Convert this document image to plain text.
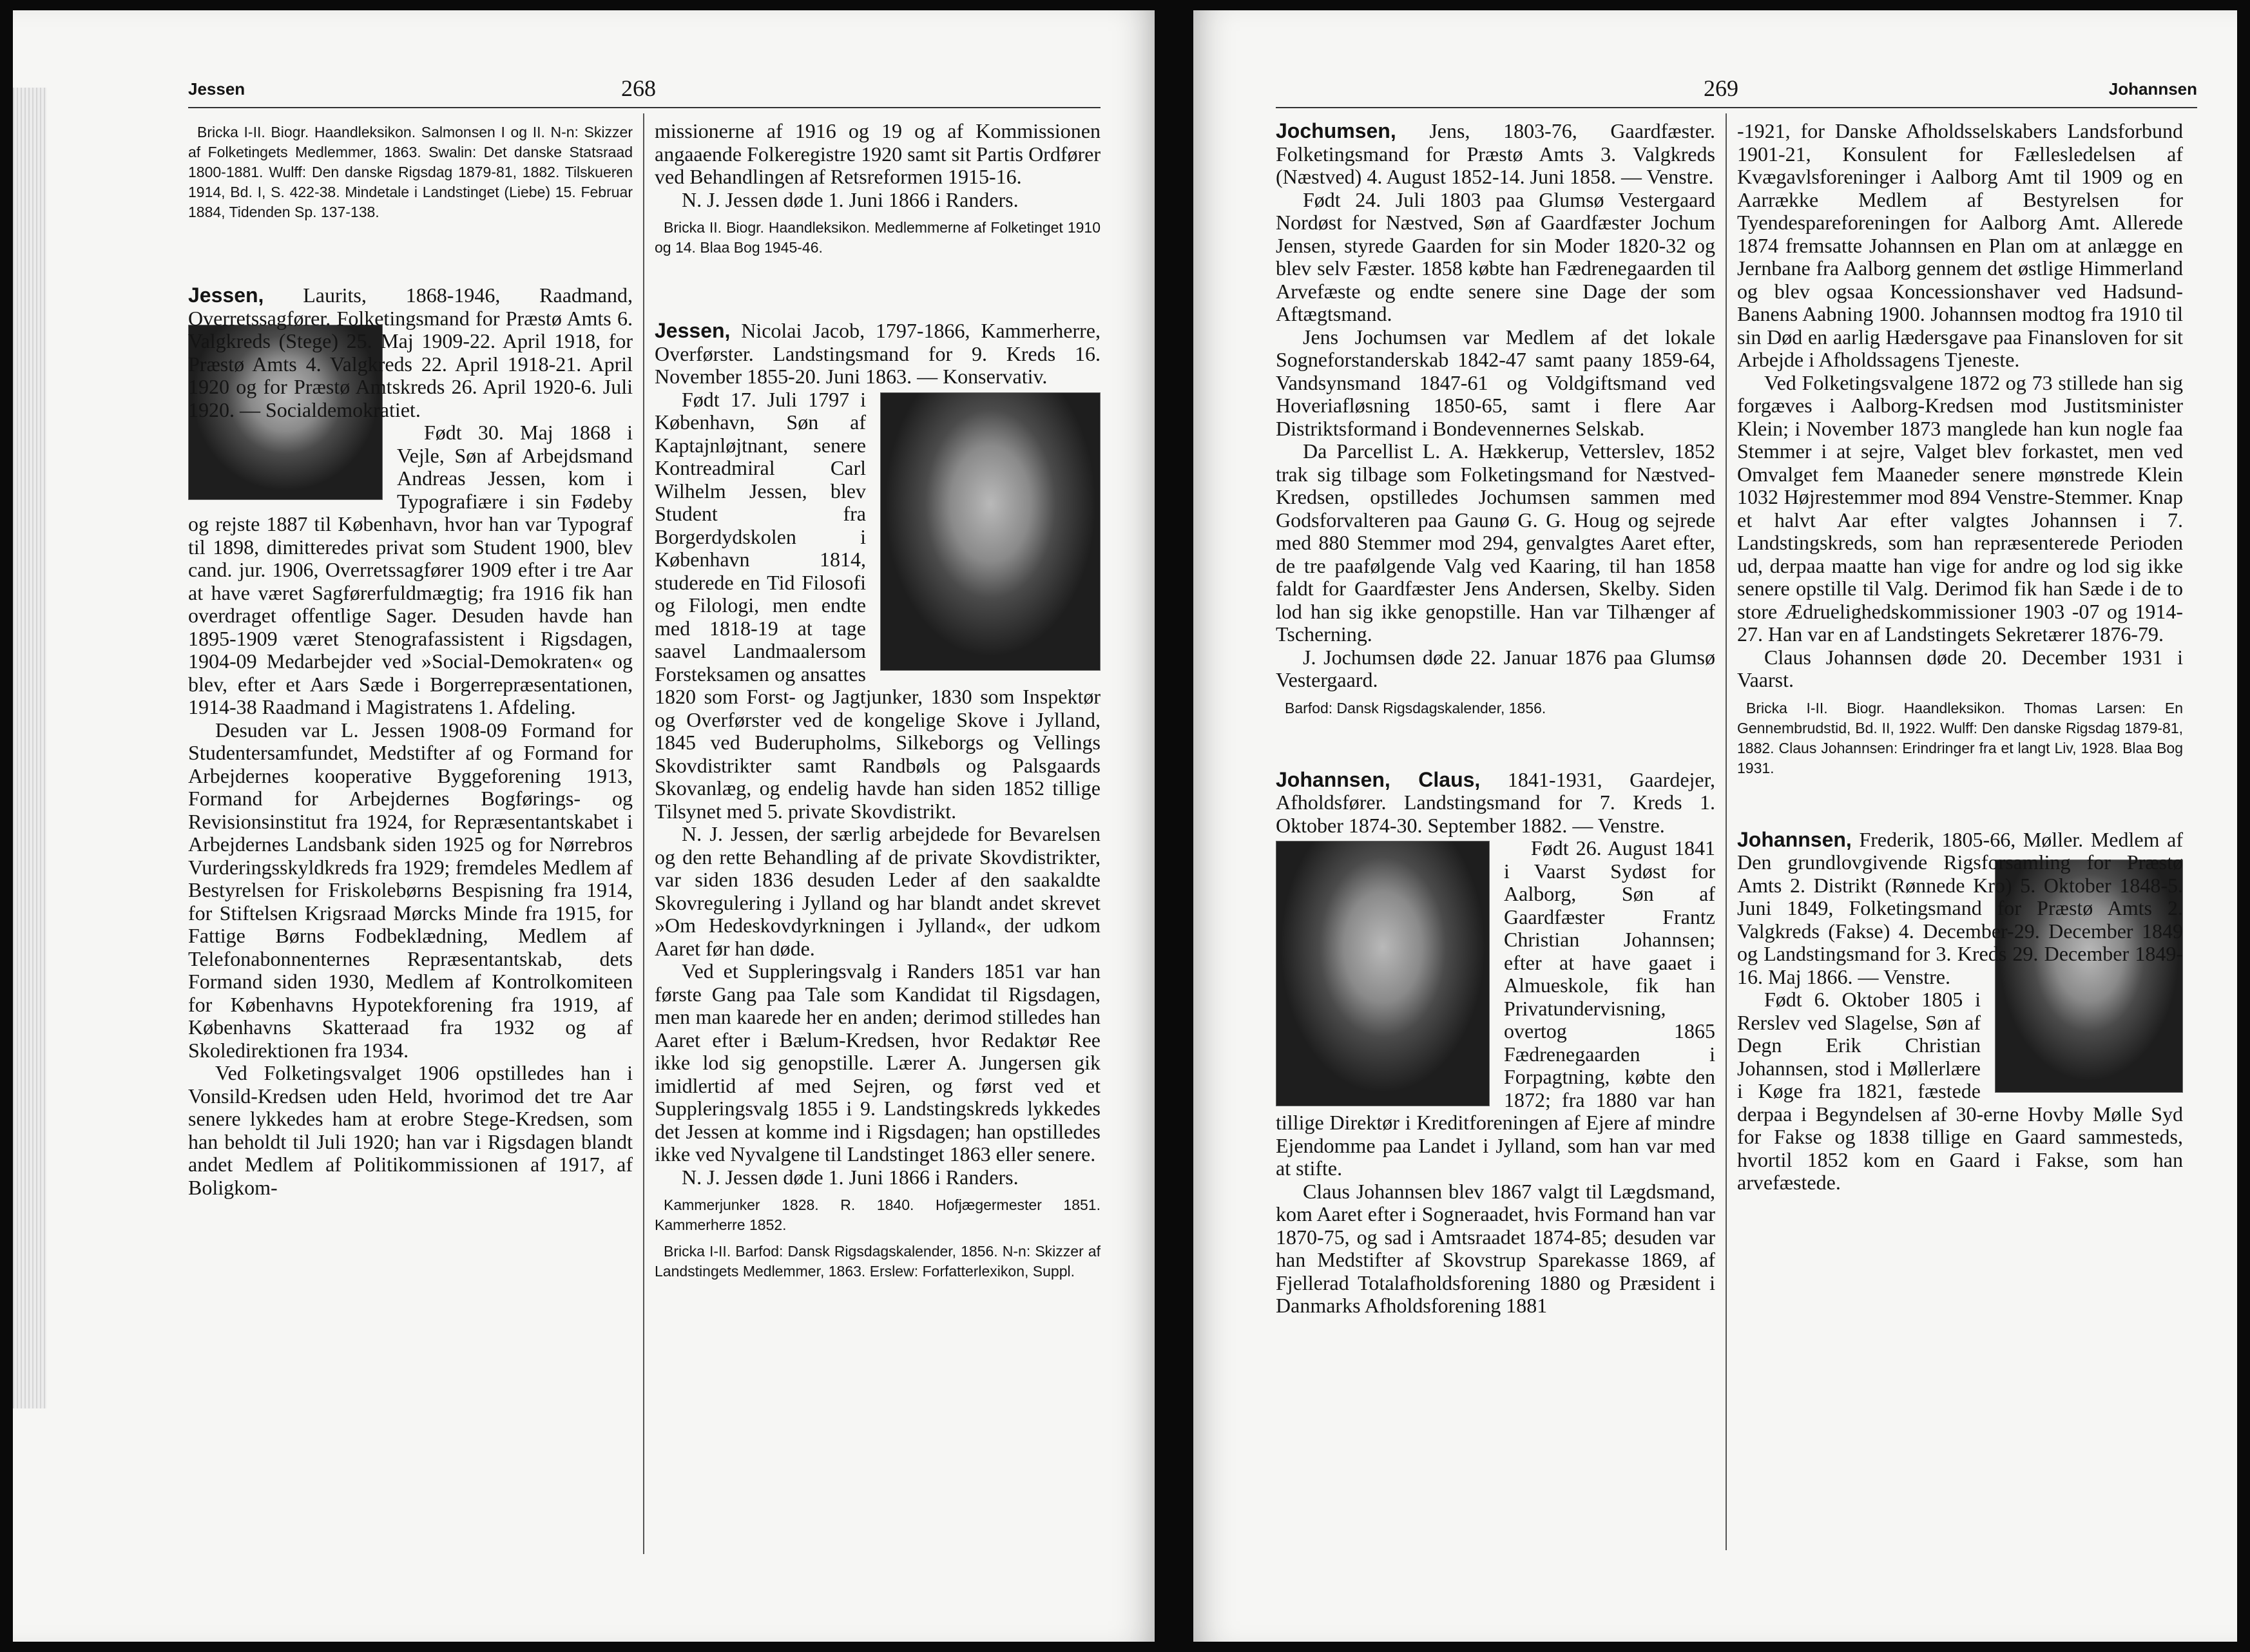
Jessen	268

Bricka I-II. Biogr. Haandleksikon. Salmonsen I og II. N-n: Skizzer af Folketingets Medlemmer, 1863. Swalin: Det danske Statsraad 1800-1881. Wulff: Den danske Rigsdag 1879-81, 1882. Tilskueren 1914, Bd. I, S. 422-38. Mindetale i Landstinget (Liebe) 15. Februar 1884, Tidenden Sp. 137-138.

Jessen, Laurits, 1868-1946, Raadmand, Overretssagfører. Folketingsmand for Præstø Amts 6. Valgkreds (Stege) 25. Maj 1909-22. April 1918, for Præstø Amts 4. Valgkreds 22. April 1918-21. April 1920 og for Præstø Amtskreds 26. April 1920-6. Juli 1920. — Socialdemokratiet.

Født 30. Maj 1868 i Vejle, Søn af Arbejdsmand Andreas Jessen, kom i Typografiære i sin Fødeby og rejste 1887 til København, hvor han var Typograf til 1898, dimitteredes privat som Student 1900, blev cand. jur. 1906, Overretssagfører 1909 efter i tre Aar at have været Sagførerfuldmægtig; fra 1916 fik han overdraget offentlige Sager. Desuden havde han 1895-1909 været Stenografassistent i Rigsdagen, 1904-09 Medarbejder ved »Social-Demokraten« og blev, efter et Aars Sæde i Borgerrepræsentationen, 1914-38 Raadmand i Magistratens 1. Afdeling.

Desuden var L. Jessen 1908-09 Formand for Studentersamfundet, Medstifter af og Formand for Arbejdernes kooperative Byggeforening 1913, Formand for Arbejdernes Bogførings- og Revisionsinstitut fra 1924, for Repræsentantskabet i Arbejdernes Landsbank siden 1925 og for Nørrebros Vurderingsskyldkreds fra 1929; fremdeles Medlem af Bestyrelsen for Friskolebørns Bespisning fra 1914, for Stiftelsen Krigsraad Mørcks Minde fra 1915, for Fattige Børns Fodbeklædning, Medlem af Telefonabonnenternes Repræsentantskab, dets Formand siden 1930, Medlem af Kontrolkomiteen for Københavns Hypotekforening fra 1919, af Københavns Skatteraad fra 1932 og af Skoledirektionen fra 1934.

Ved Folketingsvalget 1906 opstilledes han i Vonsild-Kredsen uden Held, hvorimod det tre Aar senere lykkedes ham at erobre Stege-Kredsen, som han beholdt til Juli 1920; han var i Rigsdagen blandt andet Medlem af Politikommissionen af 1917, af Boligkom-

missionerne af 1916 og 19 og af Kommissionen angaaende Folkeregistre 1920 samt sit Partis Ordfører ved Behandlingen af Retsreformen 1915-16.

N. J. Jessen døde 1. Juni 1866 i Randers.

Bricka II. Biogr. Haandleksikon. Medlemmerne af Folketinget 1910 og 14. Blaa Bog 1945-46.

Jessen, Nicolai Jacob, 1797-1866, Kammerherre, Overførster. Landstingsmand for 9. Kreds 16. November 1855-20. Juni 1863. — Konservativ.

Født 17. Juli 1797 i København, Søn af Kaptajnløjtnant, senere Kontreadmiral Carl Wilhelm Jessen, blev Student fra Borgerdydskolen i København 1814, studerede en Tid Filosofi og Filologi, men endte med 1818-19 at tage saavel Landmaalersom Forsteksamen og ansattes 1820 som Forst- og Jagtjunker, 1830 som Inspektør og Overførster ved de kongelige Skove i Jylland, 1845 ved Buderupholms, Silkeborgs og Vellings Skovdistrikter samt Randbøls og Palsgaards Skovanlæg, og endelig havde han siden 1852 tillige Tilsynet med 5. private Skovdistrikt.

N. J. Jessen, der særlig arbejdede for Bevarelsen og den rette Behandling af de private Skovdistrikter, var siden 1836 desuden Leder af den saakaldte Skovregulering i Jylland og har blandt andet skrevet »Om Hedeskovdyrkningen i Jylland«, der udkom Aaret før han døde.

Ved et Suppleringsvalg i Randers 1851 var han første Gang paa Tale som Kandidat til Rigsdagen, men man kaarede her en anden; derimod stilledes han Aaret efter i Bælum-Kredsen, hvor Redaktør Ree ikke lod sig genopstille. Lærer A. Jungersen gik imidlertid af med Sejren, og først ved et Suppleringsvalg 1855 i 9. Landstingskreds lykkedes det Jessen at komme ind i Rigsdagen; han opstilledes ikke ved Nyvalgene til Landstinget 1863 eller senere.

N. J. Jessen døde 1. Juni 1866 i Randers.

Kammerjunker 1828. R. 1840. Hofjægermester 1851. Kammerherre 1852.

Bricka I-II. Barfod: Dansk Rigsdagskalender, 1856. N-n: Skizzer af Landstingets Medlemmer, 1863. Erslew: Forfatterlexikon, Suppl.

269	Johannsen

Jochumsen, Jens, 1803-76, Gaardfæster. Folketingsmand for Præstø Amts 3. Valgkreds (Næstved) 4. August 1852-14. Juni 1858. — Venstre.

Født 24. Juli 1803 paa Glumsø Vestergaard Nordøst for Næstved, Søn af Gaardfæster Jochum Jensen, styrede Gaarden for sin Moder 1820-32 og blev selv Fæster. 1858 købte han Fædrenegaarden til Arvefæste og endte senere sine Dage der som Aftægtsmand.

Jens Jochumsen var Medlem af det lokale Sogneforstanderskab 1842-47 samt paany 1859-64, Vandsynsmand 1847-61 og Voldgiftsmand ved Hoveriafløsning 1850-65, samt i flere Aar Distriktsformand i Bondevennernes Selskab.

Da Parcellist L. A. Hækkerup, Vetterslev, 1852 trak sig tilbage som Folketingsmand for Næstved-Kredsen, opstilledes Jochumsen sammen med Godsforvalteren paa Gaunø G. G. Houg og sejrede med 880 Stemmer mod 294, genvalgtes Aaret efter, de tre paafølgende Valg ved Kaaring, til han 1858 faldt for Gaardfæster Jens Andersen, Skelby. Siden lod han sig ikke genopstille. Han var Tilhænger af Tscherning.

J. Jochumsen døde 22. Januar 1876 paa Glumsø Vestergaard.

Barfod: Dansk Rigsdagskalender, 1856.

Johannsen, Claus, 1841-1931, Gaardejer, Afholdsfører. Landstingsmand for 7. Kreds 1. Oktober 1874-30. September 1882. — Venstre.

Født 26. August 1841 i Vaarst Sydøst for Aalborg, Søn af Gaardfæster Frantz Christian Johannsen; efter at have gaaet i Almueskole, fik han Privatundervisning, overtog 1865 Fædrenegaarden i Forpagtning, købte den 1872; fra 1880 var han tillige Direktør i Kreditforeningen af Ejere af mindre Ejendomme paa Landet i Jylland, som han var med at stifte.

Claus Johannsen blev 1867 valgt til Lægdsmand, kom Aaret efter i Sogneraadet, hvis Formand han var 1870-75, og sad i Amtsraadet 1874-85; desuden var han Medstifter af Skovstrup Sparekasse 1869, af Fjellerad Totalafholdsforening 1880 og Præsident i Danmarks Afholdsforening 1881

-1921, for Danske Afholdsselskabers Landsforbund 1901-21, Konsulent for Fællesledelsen af Kvægavlsforeninger i Aalborg Amt til 1909 og en Aarrække Medlem af Bestyrelsen for Tyendespareforeningen for Aalborg Amt. Allerede 1874 fremsatte Johannsen en Plan om at anlægge en Jernbane fra Aalborg gennem det østlige Himmerland og blev ogsaa Koncessionshaver ved Hadsund-Banens Aabning 1900. Johannsen modtog fra 1910 til sin Død en aarlig Hædersgave paa Finansloven for sit Arbejde i Afholdssagens Tjeneste.

Ved Folketingsvalgene 1872 og 73 stillede han sig forgæves i Aalborg-Kredsen mod Justitsminister Klein; i November 1873 manglede han kun nogle faa Stemmer i at sejre, Valget blev forkastet, men ved Omvalget fem Maaneder senere mønstrede Klein 1032 Højrestemmer mod 894 Venstre-Stemmer. Knap et halvt Aar efter valgtes Johannsen i 7. Landstingskreds, som han repræsenterede Perioden ud, derpaa maatte han vige for andre og lod sig ikke senere opstille til Valg. Derimod fik han Sæde i de to store Ædruelighedskommissioner 1903 -07 og 1914-27. Han var en af Landstingets Sekretærer 1876-79.

Claus Johannsen døde 20. December 1931 i Vaarst.

Bricka I-II. Biogr. Haandleksikon. Thomas Larsen: En Gennembrudstid, Bd. II, 1922. Wulff: Den danske Rigsdag 1879-81, 1882. Claus Johannsen: Erindringer fra et langt Liv, 1928. Blaa Bog 1931.

Johannsen, Frederik, 1805-66, Møller. Medlem af Den grundlovgivende Rigsforsamling for Præstø Amts 2. Distrikt (Rønnede Kro) 5. Oktober 1848-5. Juni 1849, Folketingsmand for Præstø Amts 2. Valgkreds (Fakse) 4. December-29. December 1849 og Landstingsmand for 3. Kreds 29. December 1849-16. Maj 1866. — Venstre.

Født 6. Oktober 1805 i Rerslev ved Slagelse, Søn af Degn Erik Christian Johannsen, stod i Møllerlære i Køge fra 1821, fæstede derpaa i Begyndelsen af 30-erne Hovby Mølle Syd for Fakse og 1838 tillige en Gaard sammesteds, hvortil 1852 kom en Gaard i Fakse, som han arvefæstede.
